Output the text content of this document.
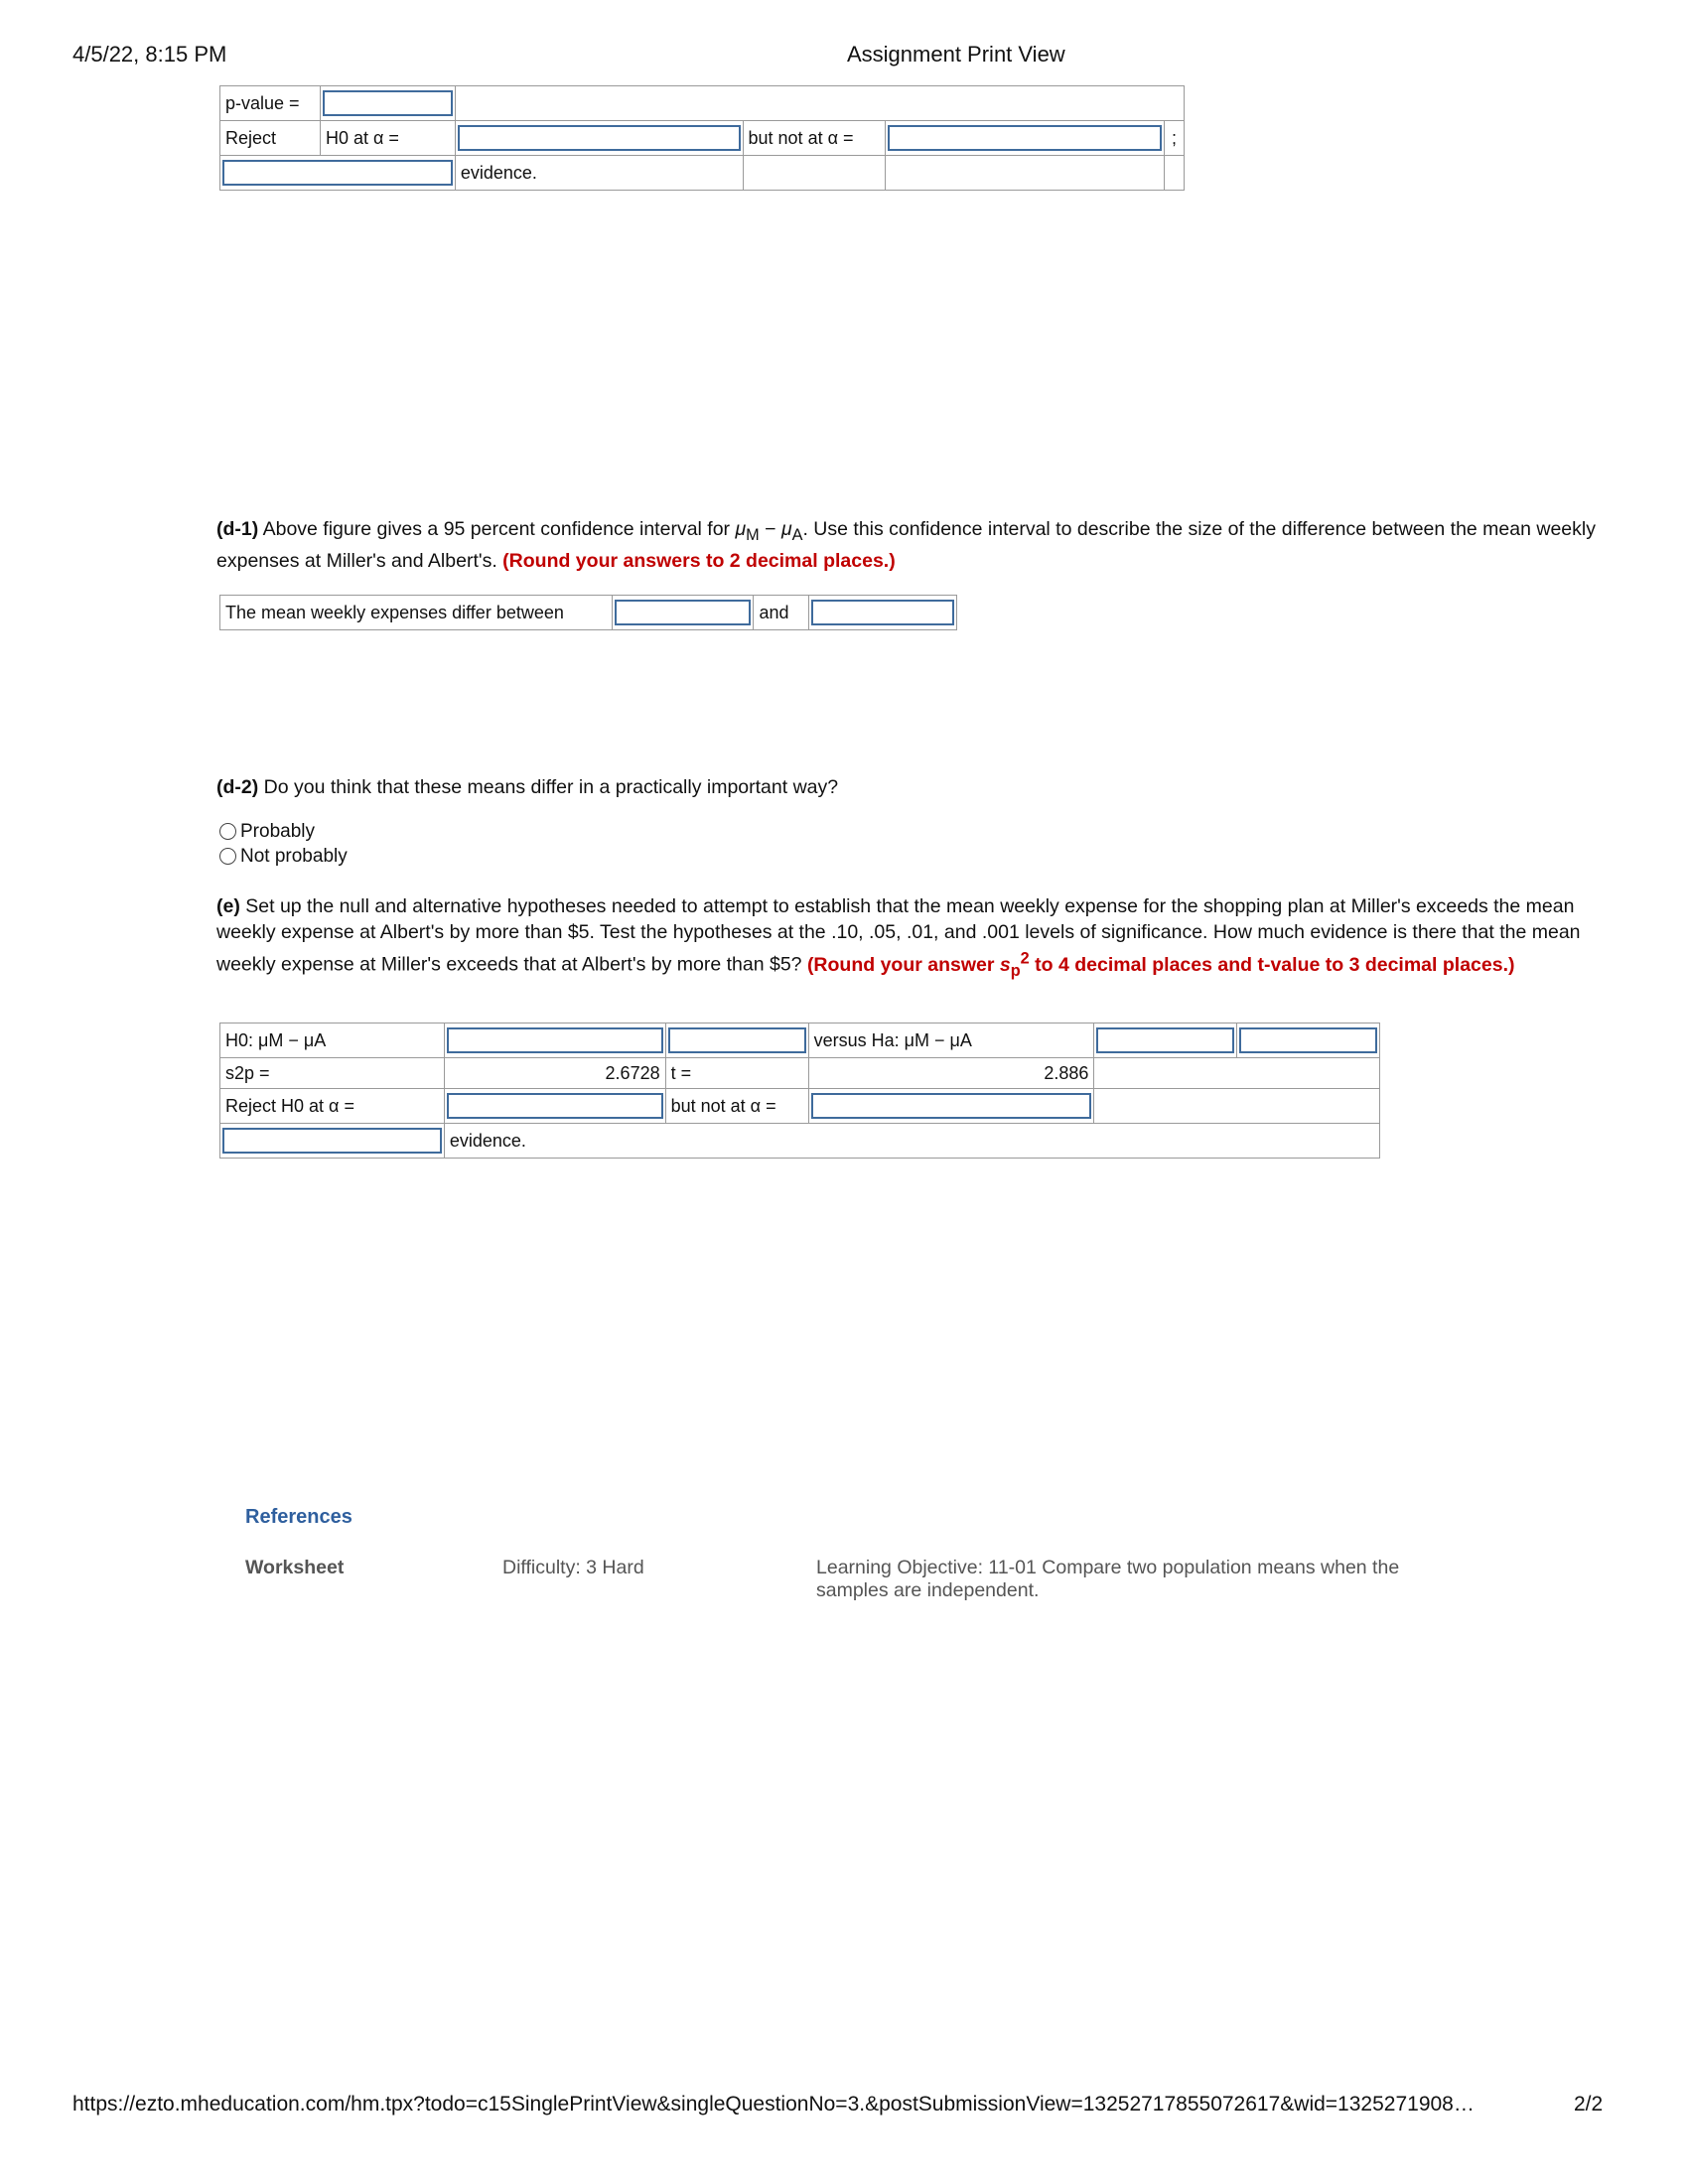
4/5/22, 8:15 PM	Assignment Print View
p-value =				

Reject	H0 at α =		but not at α =		;

		evidence.			
(d-1) Above figure gives a 95 percent confidence interval for $\mu_M - \mu_A$. Use this confidence interval to describe the size of the difference between the mean weekly expenses at Miller's and Albert's. (Round your answers to 2 decimal places.)
The mean weekly expenses differ between		and	
(d-2) Do you think that these means differ in a practically important way?
Probably
Not probably
(e) Set up the null and alternative hypotheses needed to attempt to establish that the mean weekly expense for the shopping plan at Miller's exceeds the mean weekly expense at Albert's by more than $5. Test the hypotheses at the .10, .05, .01, and .001 levels of significance. How much evidence is there that the mean weekly expense at Miller's exceeds that at Albert's by more than $5? (Round your answer $s_p^2$ to 4 decimal places and t-value to 3 decimal places.)
H0: μM − μA			versus Ha: μM − μA	

s2p =	2.6728	t =	2.886		
Reject H0 at α =		but not at α =		

	evidence.				
References
Worksheet	Difficulty: 3 Hard	Learning Objective: 11-01 Compare two population means when the samples are independent.
https://ezto.mheducation.com/hm.tpx?todo=c15SinglePrintView&singleQuestionNo=3.&postSubmissionView=13252717855072617&wid=1325271908…	2/2
